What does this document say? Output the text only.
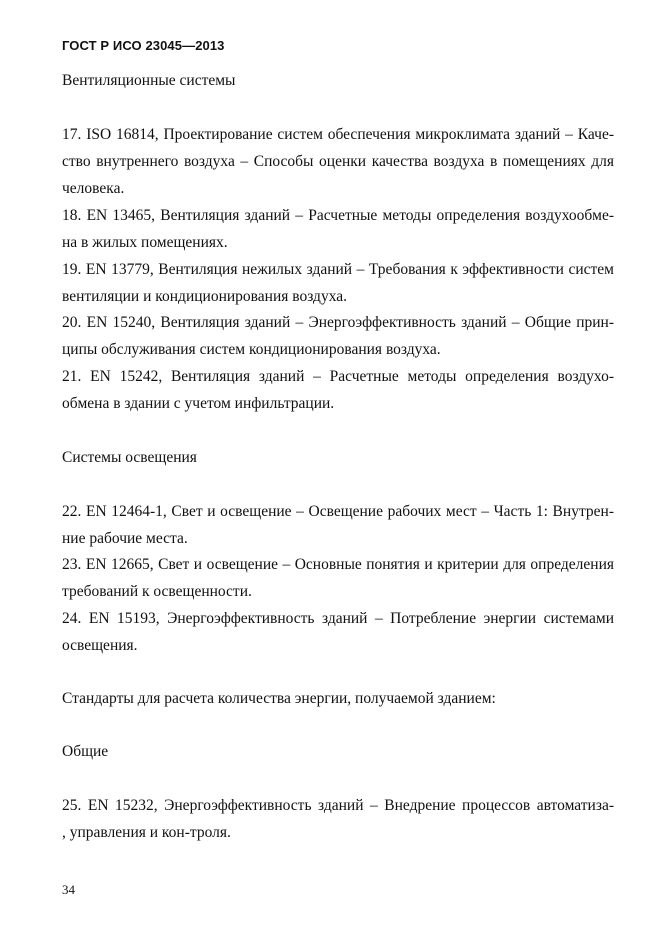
ГОСТ Р ИСО 23045—2013
Вентиляционные системы
17. ISO 16814, Проектирование систем обеспечения микроклимата зданий – Каче-
ство внутреннего воздуха – Способы оценки качества воздуха в помещениях для
человека.
18. EN 13465, Вентиляция зданий – Расчетные методы определения воздухообме-
на в жилых помещениях.
19. EN 13779, Вентиляция нежилых зданий – Требования к эффективности систем
вентиляции и кондиционирования воздуха.
20. EN 15240, Вентиляция зданий – Энергоэффективность зданий – Общие прин-
ципы обслуживания систем кондиционирования воздуха.
21. EN 15242, Вентиляция зданий – Расчетные методы определения воздухо-
обмена в здании с учетом инфильтрации.
Системы освещения
22. EN 12464-1, Свет и освещение – Освещение рабочих мест – Часть 1: Внутрен-
ние рабочие места.
23. EN 12665, Свет и освещение – Основные понятия и критерии для определения
требований к освещенности.
24. EN 15193, Энергоэффективность зданий – Потребление энергии системами
освещения.
Стандарты для расчета количества энергии, получаемой зданием:
Общие
25. EN 15232, Энергоэффективность зданий – Внедрение процессов автоматиза-
, управления и кон-троля.
34
